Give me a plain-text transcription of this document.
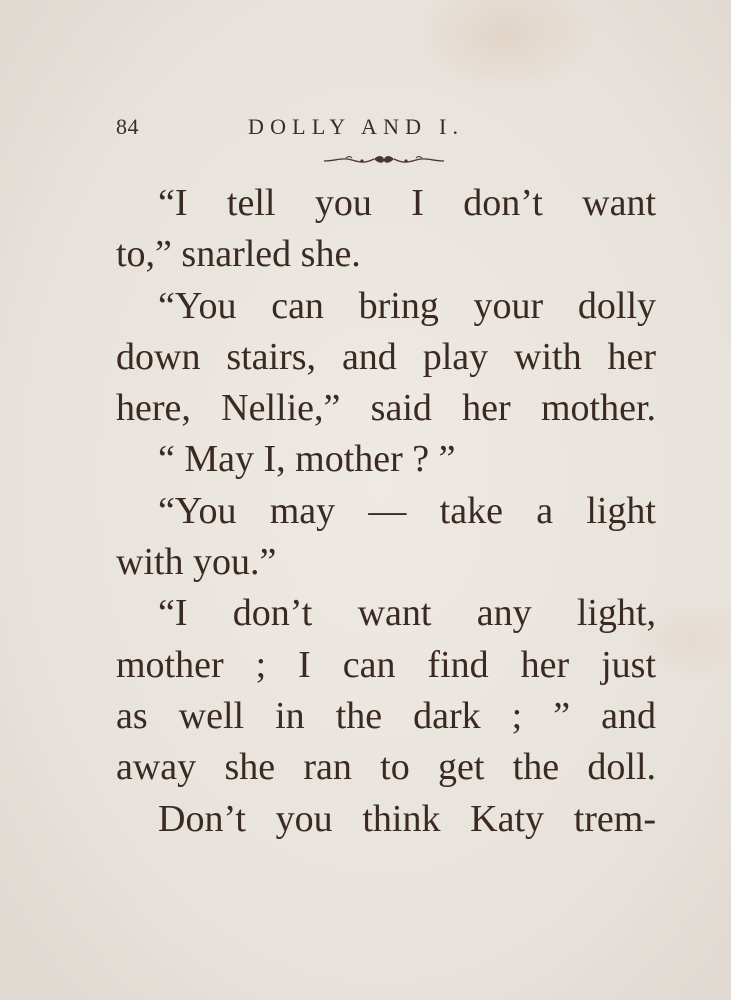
84	DOLLY AND I.
“I tell you I don’t want
to,” snarled she.
“You can bring your dolly
down stairs, and play with her
here, Nellie,” said her mother.
“ May I, mother ? ”
“You may — take a light
with you.”
“I don’t want any light,
mother ; I can find her just
as well in the dark ; ” and
away she ran to get the doll.
Don’t you think Katy trem-
